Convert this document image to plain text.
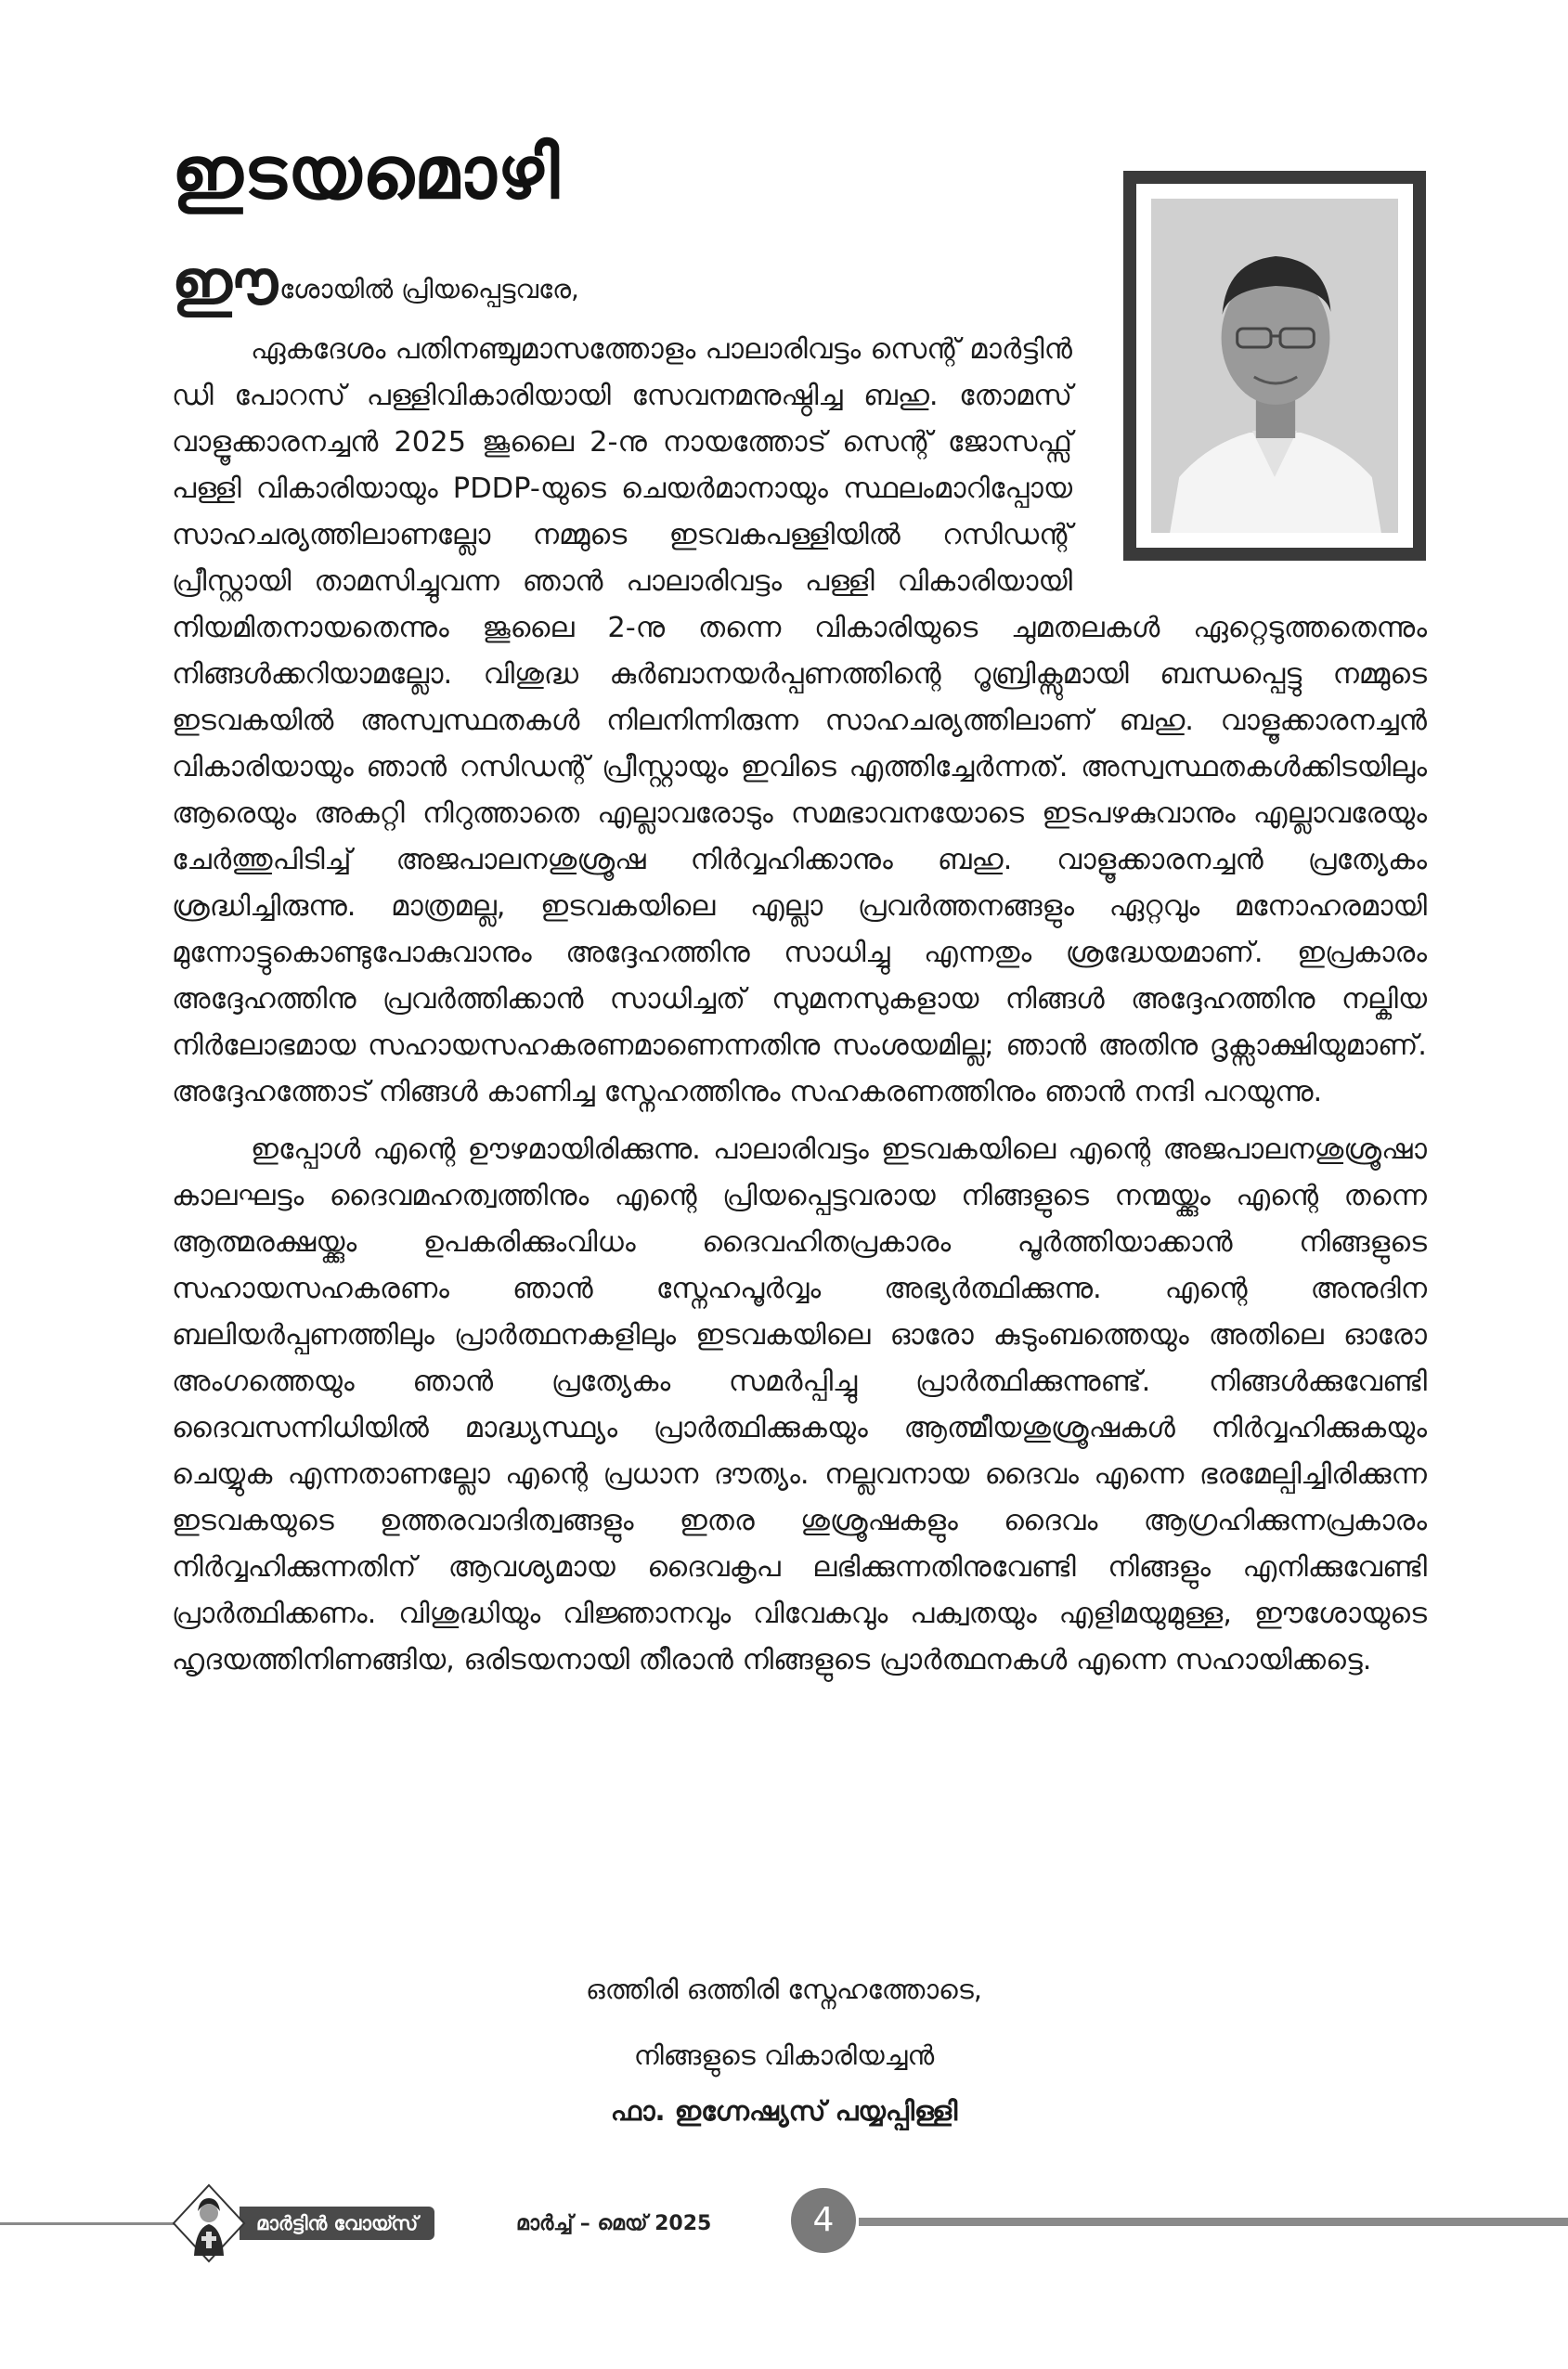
ഇടയമൊഴി

ഈശോയിൽ പ്രിയപ്പെട്ടവരേ,

ഏകദേശം പതിനഞ്ചുമാസത്തോളം പാലാരിവട്ടം സെന്റ് മാർട്ടിൻ ഡി പോറസ് പള്ളിവികാരിയായി സേവനമനുഷ്ഠിച്ച ബഹു. തോമസ് വാളൂക്കാരനച്ചൻ 2025 ജൂലൈ 2-നു നായത്തോട് സെന്റ് ജോസഫ്സ് പള്ളി വികാരിയായും PDDP-യുടെ ചെയർമാനായും സ്ഥലംമാറിപ്പോയ സാഹചര്യത്തിലാണല്ലോ നമ്മുടെ ഇടവകപള്ളിയിൽ റസിഡന്റ് പ്രീസ്റ്റായി താമസിച്ചുവന്ന ഞാൻ പാലാരിവട്ടം പള്ളി വികാരിയായി നിയമിതനായതെന്നും ജൂലൈ 2-നു തന്നെ വികാരിയുടെ ചുമതലകൾ ഏറ്റെടുത്തതെന്നും നിങ്ങൾക്കറിയാമല്ലോ. വിശുദ്ധ കുർബാനയർപ്പണത്തിന്റെ റൂബ്രിക്സുമായി ബന്ധപ്പെട്ടു നമ്മുടെ ഇടവകയിൽ അസ്വസ്ഥതകൾ നിലനിന്നിരുന്ന സാഹചര്യത്തിലാണ് ബഹു. വാളൂക്കാരനച്ചൻ വികാരിയായും ഞാൻ റസിഡന്റ് പ്രീസ്റ്റായും ഇവിടെ എത്തിച്ചേർന്നത്. അസ്വസ്ഥതകൾക്കിടയിലും ആരെയും അകറ്റി നിറുത്താതെ എല്ലാവരോടും സമഭാവനയോടെ ഇടപഴകുവാനും എല്ലാവരേയും ചേർത്തുപിടിച്ച് അജപാലനശുശ്രൂഷ നിർവ്വഹിക്കാനും ബഹു. വാളൂക്കാരനച്ചൻ പ്രത്യേകം ശ്രദ്ധിച്ചിരുന്നു. മാത്രമല്ല, ഇടവകയിലെ എല്ലാ പ്രവർത്തനങ്ങളും ഏറ്റവും മനോഹരമായി മുന്നോട്ടുകൊണ്ടുപോകുവാനും അദ്ദേഹത്തിനു സാധിച്ചു എന്നതും ശ്രദ്ധേയമാണ്. ഇപ്രകാരം അദ്ദേഹത്തിനു പ്രവർത്തിക്കാൻ സാധിച്ചത് സുമനസുകളായ നിങ്ങൾ അദ്ദേഹത്തിനു നല്കിയ നിർലോഭമായ സഹായസഹകരണമാണെന്നതിനു സംശയമില്ല; ഞാൻ അതിനു ദൃക്സാക്ഷിയുമാണ്. അദ്ദേഹത്തോട് നിങ്ങൾ കാണിച്ച സ്നേഹത്തിനും സഹകരണത്തിനും ഞാൻ നന്ദി പറയുന്നു.

ഇപ്പോൾ എന്റെ ഊഴമായിരിക്കുന്നു. പാലാരിവട്ടം ഇടവകയിലെ എന്റെ അജപാലനശുശ്രൂഷാ കാലഘട്ടം ദൈവമഹത്വത്തിനും എന്റെ പ്രിയപ്പെട്ടവരായ നിങ്ങളുടെ നന്മയ്ക്കും എന്റെ തന്നെ ആത്മരക്ഷയ്ക്കും ഉപകരിക്കുംവിധം ദൈവഹിതപ്രകാരം പൂർത്തിയാക്കാൻ നിങ്ങളുടെ സഹായസഹകരണം ഞാൻ സ്നേഹപൂർവ്വം അഭ്യർത്ഥിക്കുന്നു. എന്റെ അനുദിന ബലിയർപ്പണത്തിലും പ്രാർത്ഥനകളിലും ഇടവകയിലെ ഓരോ കുടുംബത്തെയും അതിലെ ഓരോ അംഗത്തെയും ഞാൻ പ്രത്യേകം സമർപ്പിച്ചു പ്രാർത്ഥിക്കുന്നുണ്ട്. നിങ്ങൾക്കുവേണ്ടി ദൈവസന്നിധിയിൽ മാദ്ധ്യസ്ഥ്യം പ്രാർത്ഥിക്കുകയും ആത്മീയശുശ്രൂഷകൾ നിർവ്വഹിക്കുകയും ചെയ്യുക എന്നതാണല്ലോ എന്റെ പ്രധാന ദൗത്യം. നല്ലവനായ ദൈവം എന്നെ ഭരമേല്പിച്ചിരിക്കുന്ന ഇടവകയുടെ ഉത്തരവാദിത്വങ്ങളും ഇതര ശുശ്രൂഷകളും ദൈവം ആഗ്രഹിക്കുന്നപ്രകാരം നിർവ്വഹിക്കുന്നതിന് ആവശ്യമായ ദൈവകൃപ ലഭിക്കുന്നതിനുവേണ്ടി നിങ്ങളും എനിക്കുവേണ്ടി പ്രാർത്ഥിക്കണം. വിശുദ്ധിയും വിജ്ഞാനവും വിവേകവും പക്വതയും എളിമയുമുള്ള, ഈശോയുടെ ഹൃദയത്തിനിണങ്ങിയ, ഒരിടയനായി തീരാൻ നിങ്ങളുടെ പ്രാർത്ഥനകൾ എന്നെ സഹായിക്കട്ടെ.

ഒത്തിരി ഒത്തിരി സ്നേഹത്തോടെ,

നിങ്ങളുടെ വികാരിയച്ചൻ

ഫാ. ഇഗ്നേഷ്യസ് പയ്യപ്പിള്ളി

മാർട്ടിൻ വോയ്സ്	മാർച്ച് – മെയ് 2025	4
